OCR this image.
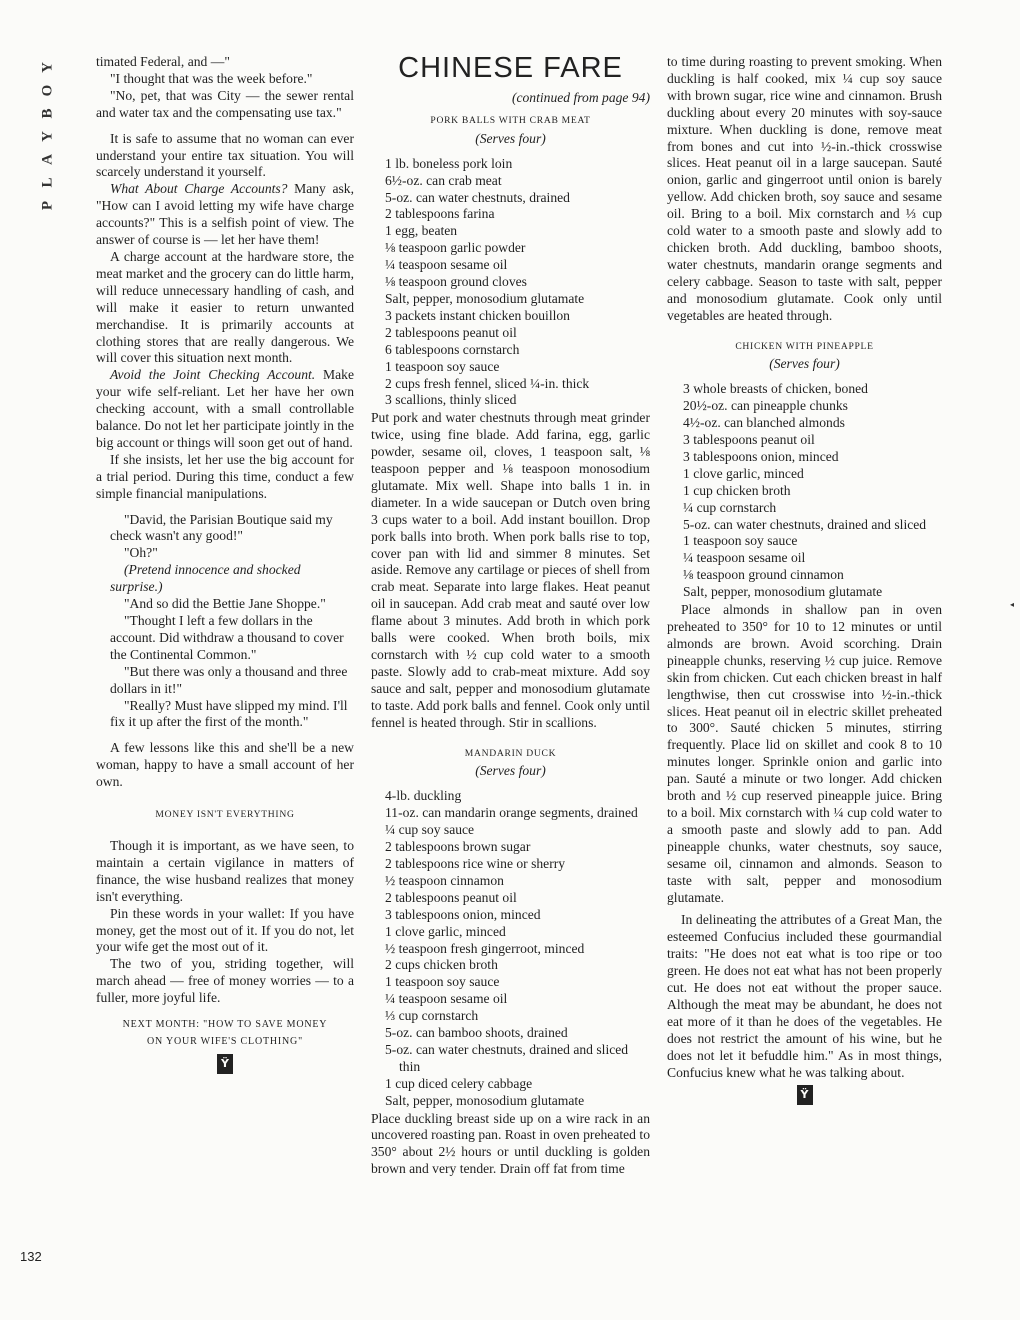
Y
O
B
Y
A
L
P
132

timated Federal, and —"

"I thought that was the week before."

"No, pet, that was City — the sewer rental and water tax and the compensating use tax."

It is safe to assume that no woman can ever understand your entire tax situation. You will scarcely understand it yourself.

What About Charge Accounts? Many ask, "How can I avoid letting my wife have charge accounts?" This is a selfish point of view. The answer of course is — let her have them!

A charge account at the hardware store, the meat market and the grocery can do little harm, will reduce unnecessary handling of cash, and will make it easier to return unwanted merchandise. It is primarily accounts at clothing stores that are really dangerous. We will cover this situation next month.

Avoid the Joint Checking Account. Make your wife self-reliant. Let her have her own checking account, with a small controllable balance. Do not let her participate jointly in the big account or things will soon get out of hand.

If she insists, let her use the big account for a trial period. During this time, conduct a few simple financial manipulations.

"David, the Parisian Boutique said my check wasn't any good!"

"Oh?"

(Pretend innocence and shocked surprise.)

"And so did the Bettie Jane Shoppe."

"Thought I left a few dollars in the account. Did withdraw a thousand to cover the Continental Common."

"But there was only a thousand and three dollars in it!"

"Really? Must have slipped my mind. I'll fix it up after the first of the month."

A few lessons like this and she'll be a new woman, happy to have a small account of her own.

MONEY ISN'T EVERYTHING

Though it is important, as we have seen, to maintain a certain vigilance in matters of finance, the wise husband realizes that money isn't everything.

Pin these words in your wallet: If you have money, get the most out of it. If you do not, let your wife get the most out of it.

The two of you, striding together, will march ahead — free of money worries — to a fuller, more joyful life.

NEXT MONTH: "HOW TO SAVE MONEY
ON YOUR WIFE'S CLOTHING"
Ÿ
CHINESE FARE
(continued from page 94)
PORK BALLS WITH CRAB MEAT
(Serves four)
1 lb. boneless pork loin
6½-oz. can crab meat
5-oz. can water chestnuts, drained
2 tablespoons farina
1 egg, beaten
⅛ teaspoon garlic powder
¼ teaspoon sesame oil
⅛ teaspoon ground cloves
Salt, pepper, monosodium glutamate
3 packets instant chicken bouillon
2 tablespoons peanut oil
6 tablespoons cornstarch
1 teaspoon soy sauce
2 cups fresh fennel, sliced ¼-in. thick
3 scallions, thinly sliced

Put pork and water chestnuts through meat grinder twice, using fine blade. Add farina, egg, garlic powder, sesame oil, cloves, 1 teaspoon salt, ⅛ teaspoon pepper and ⅛ teaspoon monosodium glutamate. Mix well. Shape into balls 1 in. in diameter. In a wide saucepan or Dutch oven bring 3 cups water to a boil. Add instant bouillon. Drop pork balls into broth. When pork balls rise to top, cover pan with lid and simmer 8 minutes. Set aside. Remove any cartilage or pieces of shell from crab meat. Separate into large flakes. Heat peanut oil in saucepan. Add crab meat and sauté over low flame about 3 minutes. Add broth in which pork balls were cooked. When broth boils, mix cornstarch with ½ cup cold water to a smooth paste. Slowly add to crab-meat mixture. Add soy sauce and salt, pepper and monosodium glutamate to taste. Add pork balls and fennel. Cook only until fennel is heated through. Stir in scallions.

MANDARIN DUCK
(Serves four)
4-lb. duckling
11-oz. can mandarin orange segments, drained
¼ cup soy sauce
2 tablespoons brown sugar
2 tablespoons rice wine or sherry
½ teaspoon cinnamon
2 tablespoons peanut oil
3 tablespoons onion, minced
1 clove garlic, minced
½ teaspoon fresh gingerroot, minced
2 cups chicken broth
1 teaspoon soy sauce
¼ teaspoon sesame oil
⅓ cup cornstarch
5-oz. can bamboo shoots, drained
5-oz. can water chestnuts, drained and sliced thin
1 cup diced celery cabbage
Salt, pepper, monosodium glutamate

Place duckling breast side up on a wire rack in an uncovered roasting pan. Roast in oven preheated to 350° about 2½ hours or until duckling is golden brown and very tender. Drain off fat from time

to time during roasting to prevent smoking. When duckling is half cooked, mix ¼ cup soy sauce with brown sugar, rice wine and cinnamon. Brush duckling about every 20 minutes with soy-sauce mixture. When duckling is done, remove meat from bones and cut into ½-in.-thick crosswise slices. Heat peanut oil in a large saucepan. Sauté onion, garlic and gingerroot until onion is barely yellow. Add chicken broth, soy sauce and sesame oil. Bring to a boil. Mix cornstarch and ⅓ cup cold water to a smooth paste and slowly add to chicken broth. Add duckling, bamboo shoots, water chestnuts, mandarin orange segments and celery cabbage. Season to taste with salt, pepper and monosodium glutamate. Cook only until vegetables are heated through.

CHICKEN WITH PINEAPPLE
(Serves four)
3 whole breasts of chicken, boned
20½-oz. can pineapple chunks
4½-oz. can blanched almonds
3 tablespoons peanut oil
3 tablespoons onion, minced
1 clove garlic, minced
1 cup chicken broth
¼ cup cornstarch
5-oz. can water chestnuts, drained and sliced
1 teaspoon soy sauce
¼ teaspoon sesame oil
⅛ teaspoon ground cinnamon
Salt, pepper, monosodium glutamate

Place almonds in shallow pan in oven preheated to 350° for 10 to 12 minutes or until almonds are brown. Avoid scorching. Drain pineapple chunks, reserving ½ cup juice. Remove skin from chicken. Cut each chicken breast in half lengthwise, then cut crosswise into ½-in.-thick slices. Heat peanut oil in electric skillet preheated to 300°. Sauté chicken 5 minutes, stirring frequently. Place lid on skillet and cook 8 to 10 minutes longer. Sprinkle onion and garlic into pan. Sauté a minute or two longer. Add chicken broth and ½ cup reserved pineapple juice. Bring to a boil. Mix cornstarch with ¼ cup cold water to a smooth paste and slowly add to pan. Add pineapple chunks, water chestnuts, soy sauce, sesame oil, cinnamon and almonds. Season to taste with salt, pepper and monosodium glutamate.

In delineating the attributes of a Great Man, the esteemed Confucius included these gourmandial traits: "He does not eat what is too ripe or too green. He does not eat what has not been properly cut. He does not eat without the proper sauce. Although the meat may be abundant, he does not eat more of it than he does of the vegetables. He does not restrict the amount of his wine, but he does not let it befuddle him." As in most things, Confucius knew what he was talking about.

Ÿ
◂
